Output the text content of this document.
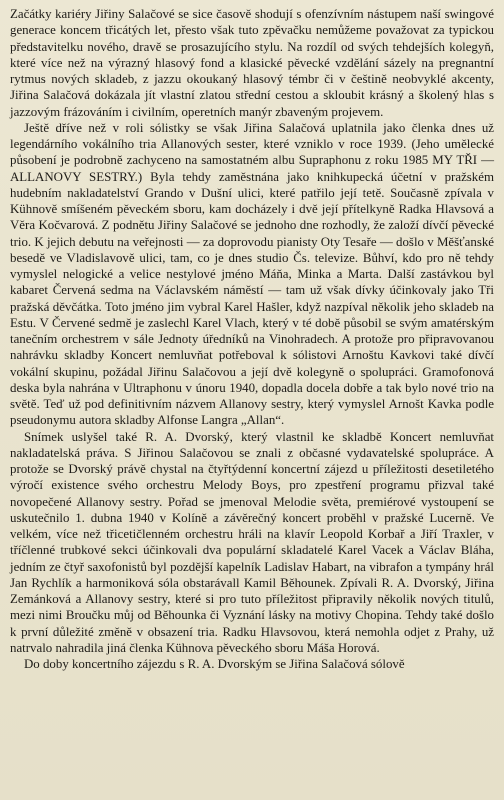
Začátky kariéry Jiřiny Salačové se sice časově shodují s ofenzívním nástupem naší swingové generace koncem třicátých let, přesto však tuto zpěvačku nemůžeme považovat za typickou představitelku nového, dravě se prosazujícího stylu. Na rozdíl od svých tehdejších kolegyň, které více než na výrazný hlasový fond a klasické pěvecké vzdělání sázely na pregnantní rytmus nových skladeb, z jazzu okoukaný hlasový témbr či v češtině neobvyklé akcenty, Jiřina Salačová dokázala jít vlastní zlatou střední cestou a skloubit krásný a školený hlas s jazzovým frázováním i civilním, operetních manýr zbaveným projevem.

Ještě dříve než v roli sólistky se však Jiřina Salačová uplatnila jako členka dnes už legendárního vokálního tria Allanových sester, které vzniklo v roce 1939. (Jeho umělecké působení je podrobně zachyceno na samostatném albu Supraphonu z roku 1985 MY TŘI — ALLANOVY SESTRY.) Byla tehdy zaměstnána jako knihkupecká účetní v pražském hudebním nakladatelství Grando v Dušní ulici, které patřilo její tetě. Současně zpívala v Kühnově smíšeném pěveckém sboru, kam docházely i dvě její přítelkyně Radka Hlavsová a Věra Kočvarová. Z podnětu Jiřiny Salačové se jednoho dne rozhodly, že založí dívčí pěvecké trio. K jejich debutu na veřejnosti — za doprovodu pianisty Oty Tesaře — došlo v Měšťanské besedě ve Vladislavově ulici, tam, co je dnes studio Čs. televize. Bůhví, kdo pro ně tehdy vymyslel nelogické a velice nestylové jméno Máňa, Minka a Marta. Další zastávkou byl kabaret Červená sedma na Václavském náměstí — tam už však dívky účinkovaly jako Tři pražská děvčátka. Toto jméno jim vybral Karel Hašler, když nazpíval několik jeho skladeb na Estu. V Červené sedmě je zaslechl Karel Vlach, který v té době působil se svým amatérským tanečním orchestrem v sále Jednoty úředníků na Vinohradech. A protože pro připravovanou nahrávku skladby Koncert nemluvňat potřeboval k sólistovi Arnoštu Kavkovi také dívčí vokální skupinu, požádal Jiřinu Salačovou a její dvě kolegyně o spolupráci. Gramofonová deska byla nahrána v Ultraphonu v únoru 1940, dopadla docela dobře a tak bylo nové trio na světě. Teď už pod definitivním názvem Allanovy sestry, který vymyslel Arnošt Kavka podle pseudonymu autora skladby Alfonse Langra „Allan“.

Snímek uslyšel také R. A. Dvorský, který vlastnil ke skladbě Koncert nemluvňat nakladatelská práva. S Jiřinou Salačovou se znali z občasné vydavatelské spolupráce. A protože se Dvorský právě chystal na čtyřtýdenní koncertní zájezd u příležitosti desetiletého výročí existence svého orchestru Melody Boys, pro zpestření programu přizval také novopečené Allanovy sestry. Pořad se jmenoval Melodie světa, premiérové vystoupení se uskutečnilo 1. dubna 1940 v Kolíně a závěrečný koncert proběhl v pražské Lucerně. Ve velkém, více než třicetičlenném orchestru hráli na klavír Leopold Korbař a Jiří Traxler, v tříčlenné trubkové sekci účinkovali dva populární skladatelé Karel Vacek a Václav Bláha, jedním ze čtyř saxofonistů byl pozdější kapelník Ladislav Habart, na vibrafon a tympány hrál Jan Rychlík a harmoniková sóla obstarávall Kamil Běhounek. Zpívali R. A. Dvorský, Jiřina Zemánková a Allanovy sestry, které si pro tuto příležitost připravily několik nových titulů, mezi nimi Broučku můj od Běhounka či Vyznání lásky na motivy Chopina. Tehdy také došlo k první důležité změně v obsazení tria. Radku Hlavsovou, která nemohla odjet z Prahy, už natrvalo nahradila jiná členka Kühnova pěveckého sboru Máša Horová.

Do doby koncertního zájezdu s R. A. Dvorským se Jiřina Salačová sólově
